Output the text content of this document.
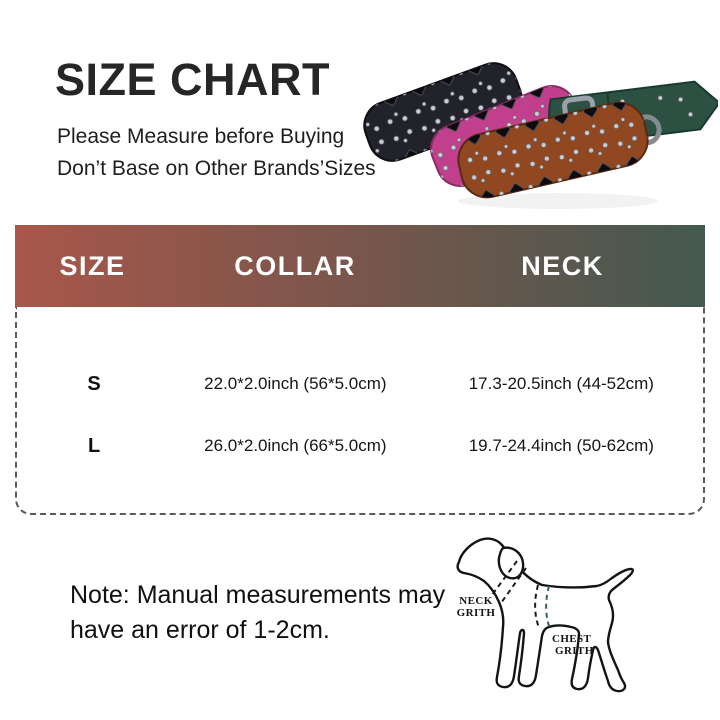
SIZE CHART
Please Measure before Buying
Don’t Base on Other Brands’Sizes
SIZE	COLLAR	NECK
S	22.0*2.0inch (56*5.0cm)	17.3-20.5inch (44-52cm)
L	26.0*2.0inch (66*5.0cm)	19.7-24.4inch (50-62cm)
Note: Manual measurements may
have an error of 1-2cm.
NECK
GRITH
CHEST
GRITH
